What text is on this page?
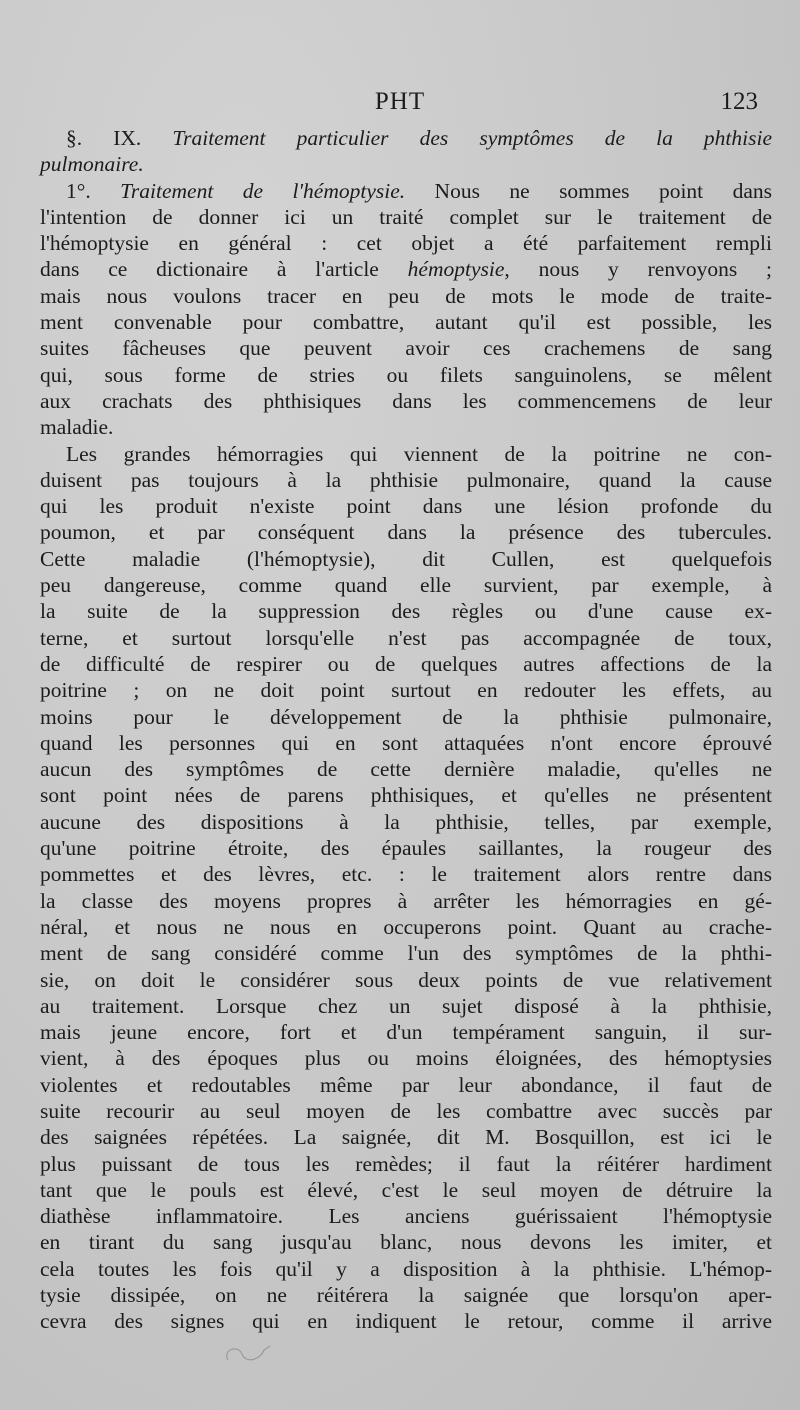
PHT	123
§. IX. Traitement particulier des symptômes de la phthisie
pulmonaire.
1°. Traitement de l'hémoptysie. Nous ne sommes point dans
l'intention de donner ici un traité complet sur le traitement de
l'hémoptysie en général : cet objet a été parfaitement rempli
dans ce dictionaire à l'article hémoptysie, nous y renvoyons ;
mais nous voulons tracer en peu de mots le mode de traite-
ment convenable pour combattre, autant qu'il est possible, les
suites fâcheuses que peuvent avoir ces crachemens de sang
qui, sous forme de stries ou filets sanguinolens, se mêlent
aux crachats des phthisiques dans les commencemens de leur
maladie.
Les grandes hémorragies qui viennent de la poitrine ne con-
duisent pas toujours à la phthisie pulmonaire, quand la cause
qui les produit n'existe point dans une lésion profonde du
poumon, et par conséquent dans la présence des tubercules.
Cette maladie (l'hémoptysie), dit Cullen, est quelquefois
peu dangereuse, comme quand elle survient, par exemple, à
la suite de la suppression des règles ou d'une cause ex-
terne, et surtout lorsqu'elle n'est pas accompagnée de toux,
de difficulté de respirer ou de quelques autres affections de la
poitrine ; on ne doit point surtout en redouter les effets, au
moins pour le développement de la phthisie pulmonaire,
quand les personnes qui en sont attaquées n'ont encore éprouvé
aucun des symptômes de cette dernière maladie, qu'elles ne
sont point nées de parens phthisiques, et qu'elles ne présentent
aucune des dispositions à la phthisie, telles, par exemple,
qu'une poitrine étroite, des épaules saillantes, la rougeur des
pommettes et des lèvres, etc. : le traitement alors rentre dans
la classe des moyens propres à arrêter les hémorragies en gé-
néral, et nous ne nous en occuperons point. Quant au crache-
ment de sang considéré comme l'un des symptômes de la phthi-
sie, on doit le considérer sous deux points de vue relativement
au traitement. Lorsque chez un sujet disposé à la phthisie,
mais jeune encore, fort et d'un tempérament sanguin, il sur-
vient, à des époques plus ou moins éloignées, des hémoptysies
violentes et redoutables même par leur abondance, il faut de
suite recourir au seul moyen de les combattre avec succès par
des saignées répétées. La saignée, dit M. Bosquillon, est ici le
plus puissant de tous les remèdes; il faut la réitérer hardiment
tant que le pouls est élevé, c'est le seul moyen de détruire la
diathèse inflammatoire. Les anciens guérissaient l'hémoptysie
en tirant du sang jusqu'au blanc, nous devons les imiter, et
cela toutes les fois qu'il y a disposition à la phthisie. L'hémop-
tysie dissipée, on ne réitérera la saignée que lorsqu'on aper-
cevra des signes qui en indiquent le retour, comme il arrive
